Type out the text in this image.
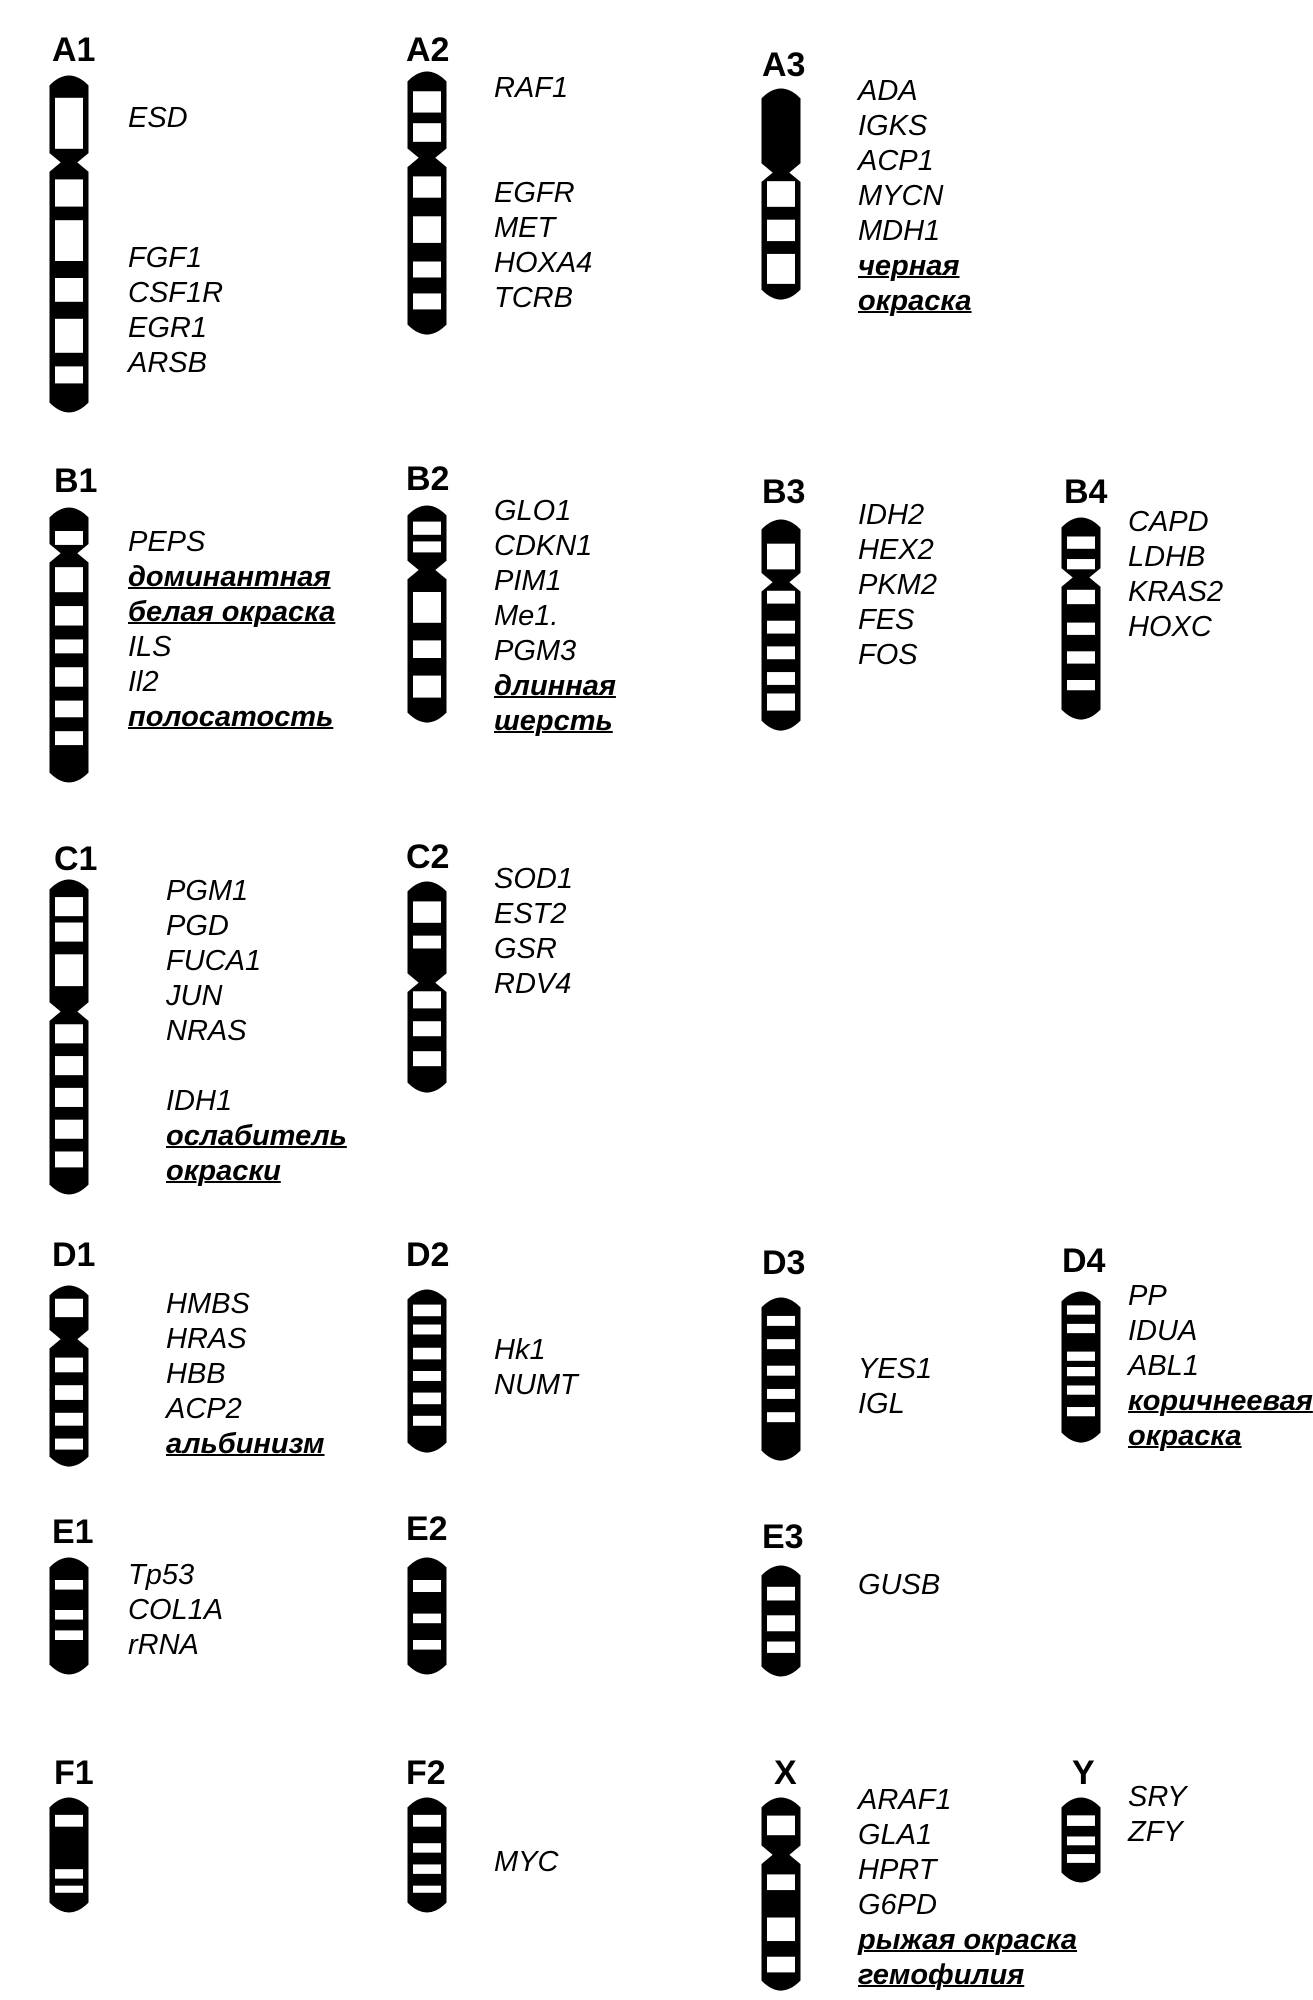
A1
ESD

FGF1
CSF1R
EGR1
ARSB
A2
RAF1

EGFR
MET
HOXA4
TCRB
A3
ADA
IGKS
ACP1
MYCN
MDH1
черная
окраска
B1
PEPS
доминантная
белая окраска
ILS
Il2
полосатость
B2
GLO1
CDKN1
PIM1
Me1.
PGM3
длинная
шерсть
B3
IDH2
HEX2
PKM2
FES
FOS
B4
CAPD
LDHB
KRAS2
HOXC
C1
PGM1
PGD
FUCA1
JUN
NRAS

IDH1
ослабитель
окраски
C2
SOD1
EST2
GSR
RDV4
D1
HMBS
HRAS
HBB
ACP2
альбинизм
D2
Hk1
NUMT
D3
YES1
IGL
D4
PP
IDUA
ABL1
коричнеевая
окраска
E1
Tp53
COL1A
rRNA
E2	E3
GUSB
F1	F2
MYC
X
ARAF1
GLA1
HPRT
G6PD
рыжая окраска
гемофилия
Y
SRY
ZFY
